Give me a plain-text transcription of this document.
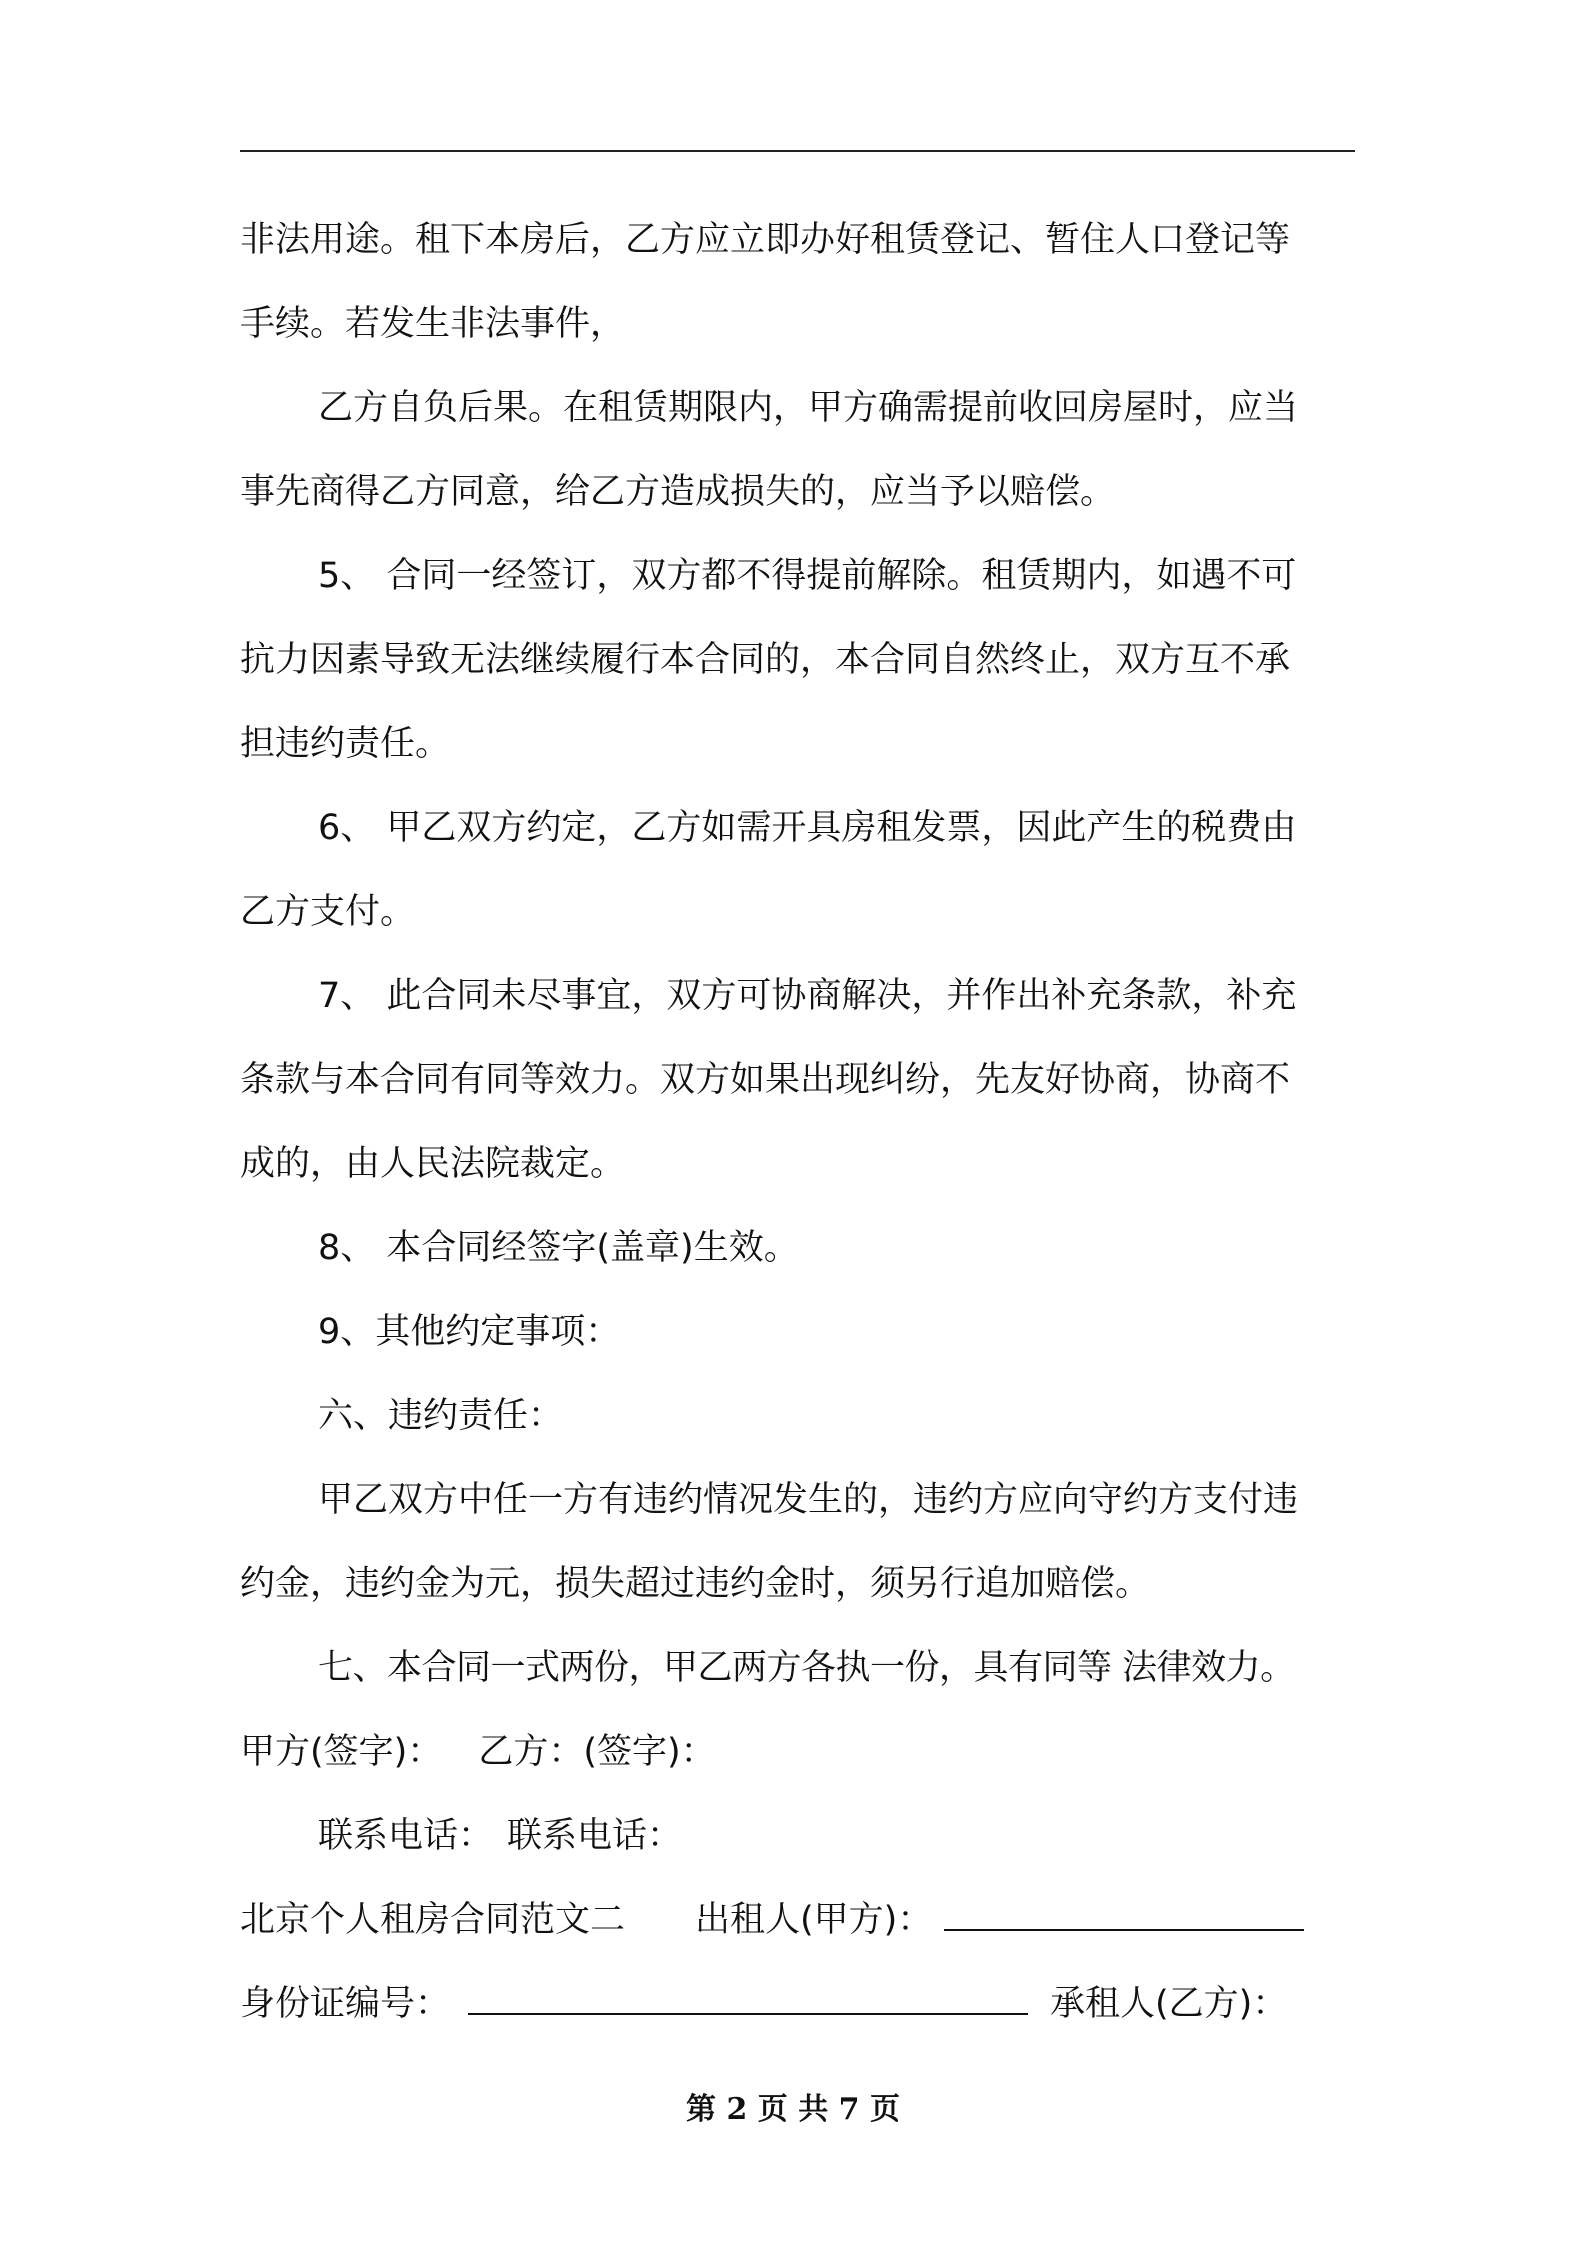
非法用途。租下本房后，乙方应立即办好租赁登记、暂住人口登记等
手续。若发生非法事件，
乙方自负后果。在租赁期限内，甲方确需提前收回房屋时，应当
事先商得乙方同意，给乙方造成损失的，应当予以赔偿。
5、 合同一经签订，双方都不得提前解除。租赁期内，如遇不可
抗力因素导致无法继续履行本合同的，本合同自然终止，双方互不承
担违约责任。
6、 甲乙双方约定，乙方如需开具房租发票，因此产生的税费由
乙方支付。
7、 此合同未尽事宜，双方可协商解决，并作出补充条款，补充
条款与本合同有同等效力。双方如果出现纠纷，先友好协商，协商不
成的，由人民法院裁定。
8、 本合同经签字(盖章)生效。
9、其他约定事项：
六、违约责任：
甲乙双方中任一方有违约情况发生的，违约方应向守约方支付违
约金，违约金为元，损失超过违约金时，须另行追加赔偿。
七、本合同一式两份，甲乙两方各执一份，具有同等 法律效力。
甲方(签字)： 乙方：(签字)：
联系电话： 联系电话：
北京个人租房合同范文二 出租人(甲方)：
身份证编号：	承租人(乙方)：
第 2 页 共 7 页
